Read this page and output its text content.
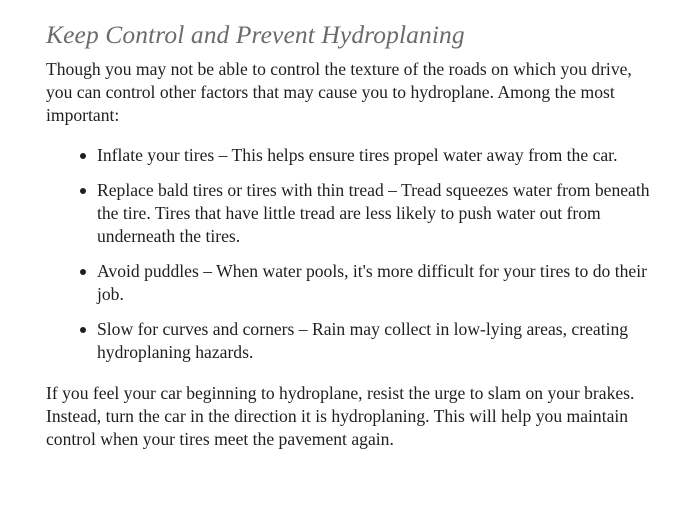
Keep Control and Prevent Hydroplaning

Though you may not be able to control the texture of the roads on which you drive, you can control other factors that may cause you to hydroplane. Among the most important:

Inflate your tires – This helps ensure tires propel water away from the car.
Replace bald tires or tires with thin tread – Tread squeezes water from beneath the tire. Tires that have little tread are less likely to push water out from underneath the tires.
Avoid puddles – When water pools, it's more difficult for your tires to do their job.
Slow for curves and corners – Rain may collect in low-lying areas, creating hydroplaning hazards.

If you feel your car beginning to hydroplane, resist the urge to slam on your brakes. Instead, turn the car in the direction it is hydroplaning. This will help you maintain control when your tires meet the pavement again.
